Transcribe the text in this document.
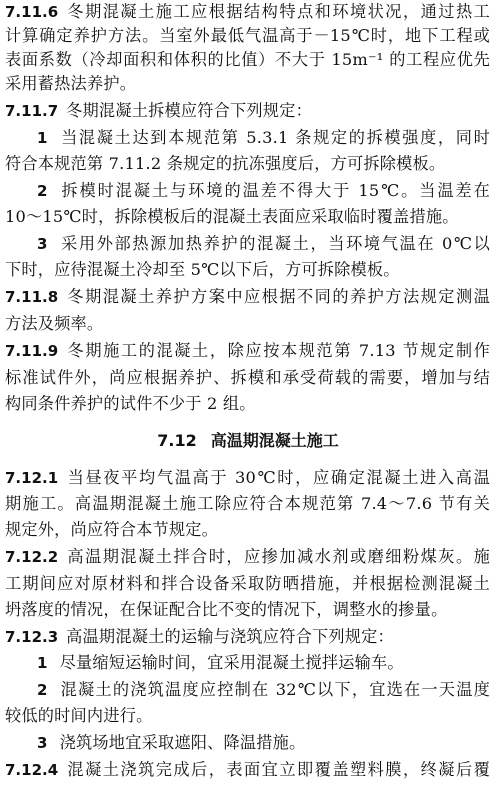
7.11.6 冬期混凝土施工应根据结构特点和环境状况，通过热工
计算确定养护方法。当室外最低气温高于－15℃时，地下工程或
表面系数（冷却面积和体积的比值）不大于 15m⁻¹ 的工程应优先
采用蓄热法养护。
7.11.7 冬期混凝土拆模应符合下列规定：
1 当混凝土达到本规范第 5.3.1 条规定的拆模强度，同时
符合本规范第 7.11.2 条规定的抗冻强度后，方可拆除模板。
2 拆模时混凝土与环境的温差不得大于 15℃。当温差在
10～15℃时，拆除模板后的混凝土表面应采取临时覆盖措施。
3 采用外部热源加热养护的混凝土，当环境气温在 0℃以
下时，应待混凝土冷却至 5℃以下后，方可拆除模板。
7.11.8 冬期混凝土养护方案中应根据不同的养护方法规定测温
方法及频率。
7.11.9 冬期施工的混凝土，除应按本规范第 7.13 节规定制作
标准试件外，尚应根据养护、拆模和承受荷载的需要，增加与结
构同条件养护的试件不少于 2 组。
7.12 高温期混凝土施工
7.12.1 当昼夜平均气温高于 30℃时，应确定混凝土进入高温
期施工。高温期混凝土施工除应符合本规范第 7.4～7.6 节有关
规定外，尚应符合本节规定。
7.12.2 高温期混凝土拌合时，应掺加减水剂或磨细粉煤灰。施
工期间应对原材料和拌合设备采取防晒措施，并根据检测混凝土
坍落度的情况，在保证配合比不变的情况下，调整水的掺量。
7.12.3 高温期混凝土的运输与浇筑应符合下列规定：
1 尽量缩短运输时间，宜采用混凝土搅拌运输车。
2 混凝土的浇筑温度应控制在 32℃以下，宜选在一天温度
较低的时间内进行。
3 浇筑场地宜采取遮阳、降温措施。
7.12.4 混凝土浇筑完成后，表面宜立即覆盖塑料膜，终凝后覆
